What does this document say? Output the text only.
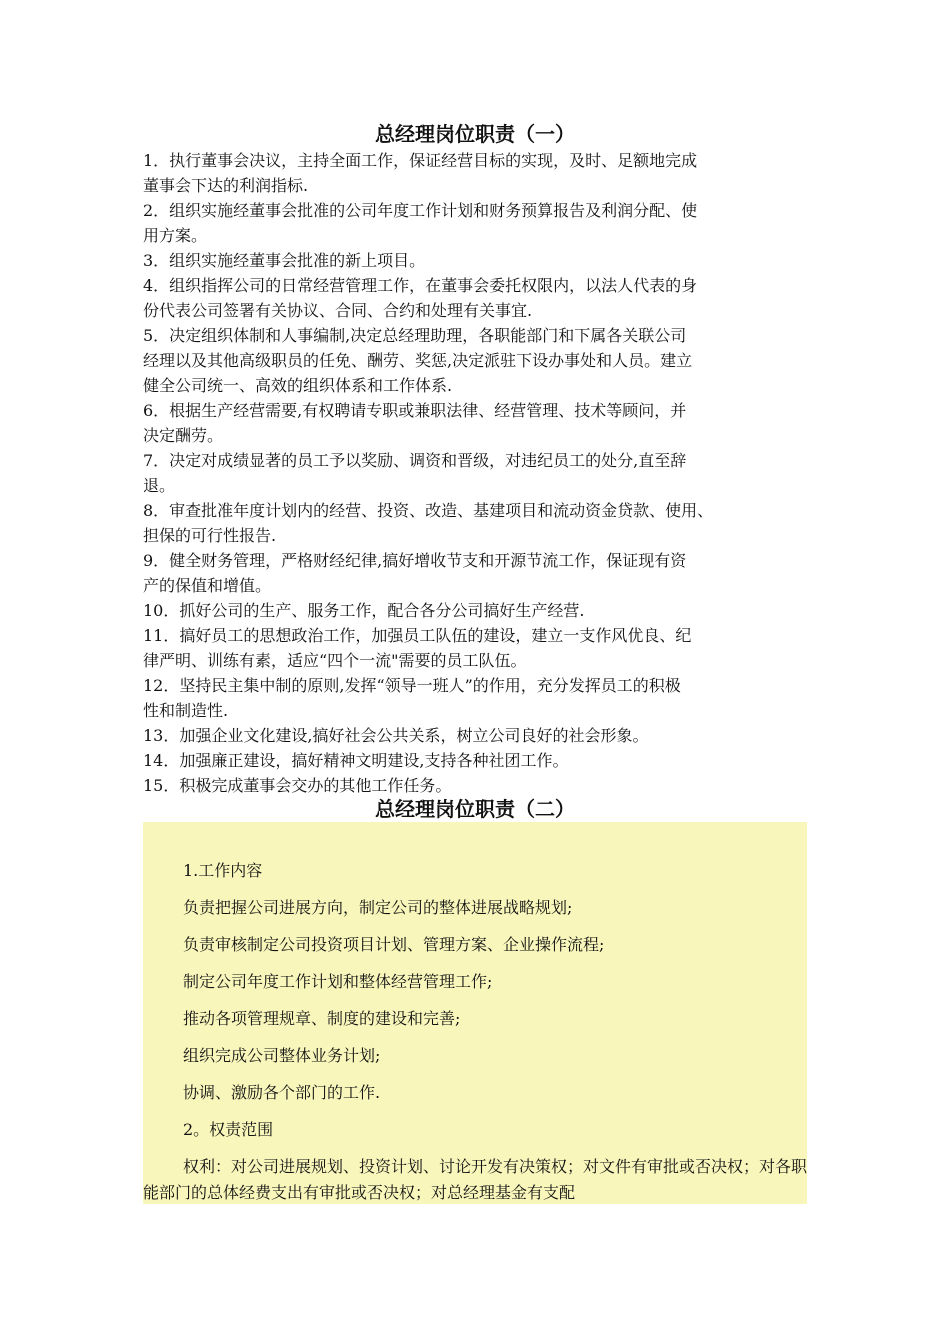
总经理岗位职责（一）

1．执行董事会决议，主持全面工作，保证经营目标的实现，及时、足额地完成
董事会下达的利润指标.

2．组织实施经董事会批准的公司年度工作计划和财务预算报告及利润分配、使
用方案。

3．组织实施经董事会批准的新上项目。

4．组织指挥公司的日常经营管理工作，在董事会委托权限内，以法人代表的身
份代表公司签署有关协议、合同、合约和处理有关事宜.

5．决定组织体制和人事编制,决定总经理助理，各职能部门和下属各关联公司
经理以及其他高级职员的任免、酬劳、奖惩,决定派驻下设办事处和人员。建立
健全公司统一、高效的组织体系和工作体系.

6．根据生产经营需要,有权聘请专职或兼职法律、经营管理、技术等顾问，并
决定酬劳。

7．决定对成绩显著的员工予以奖励、调资和晋级，对违纪员工的处分,直至辞
退。

8．审查批准年度计划内的经营、投资、改造、基建项目和流动资金贷款、使用、
担保的可行性报告.

9．健全财务管理，严格财经纪律,搞好增收节支和开源节流工作，保证现有资
产的保值和增值。

10．抓好公司的生产、服务工作，配合各分公司搞好生产经营.

11．搞好员工的思想政治工作，加强员工队伍的建设，建立一支作风优良、纪
律严明、训练有素，适应“四个一流"需要的员工队伍。

12．坚持民主集中制的原则,发挥“领导一班人”的作用，充分发挥员工的积极
性和制造性.

13．加强企业文化建设,搞好社会公共关系，树立公司良好的社会形象。

14．加强廉正建设，搞好精神文明建设,支持各种社团工作。

15．积极完成董事会交办的其他工作任务。

总经理岗位职责（二）

1.工作内容

负责把握公司进展方向，制定公司的整体进展战略规划;

负责审核制定公司投资项目计划、管理方案、企业操作流程;

制定公司年度工作计划和整体经营管理工作;

推动各项管理规章、制度的建设和完善;

组织完成公司整体业务计划;

协调、激励各个部门的工作.

2。权责范围

权利：对公司进展规划、投资计划、讨论开发有决策权；对文件有审批或否决权；对各职能部门的总体经费支出有审批或否决权；对总经理基金有支配
